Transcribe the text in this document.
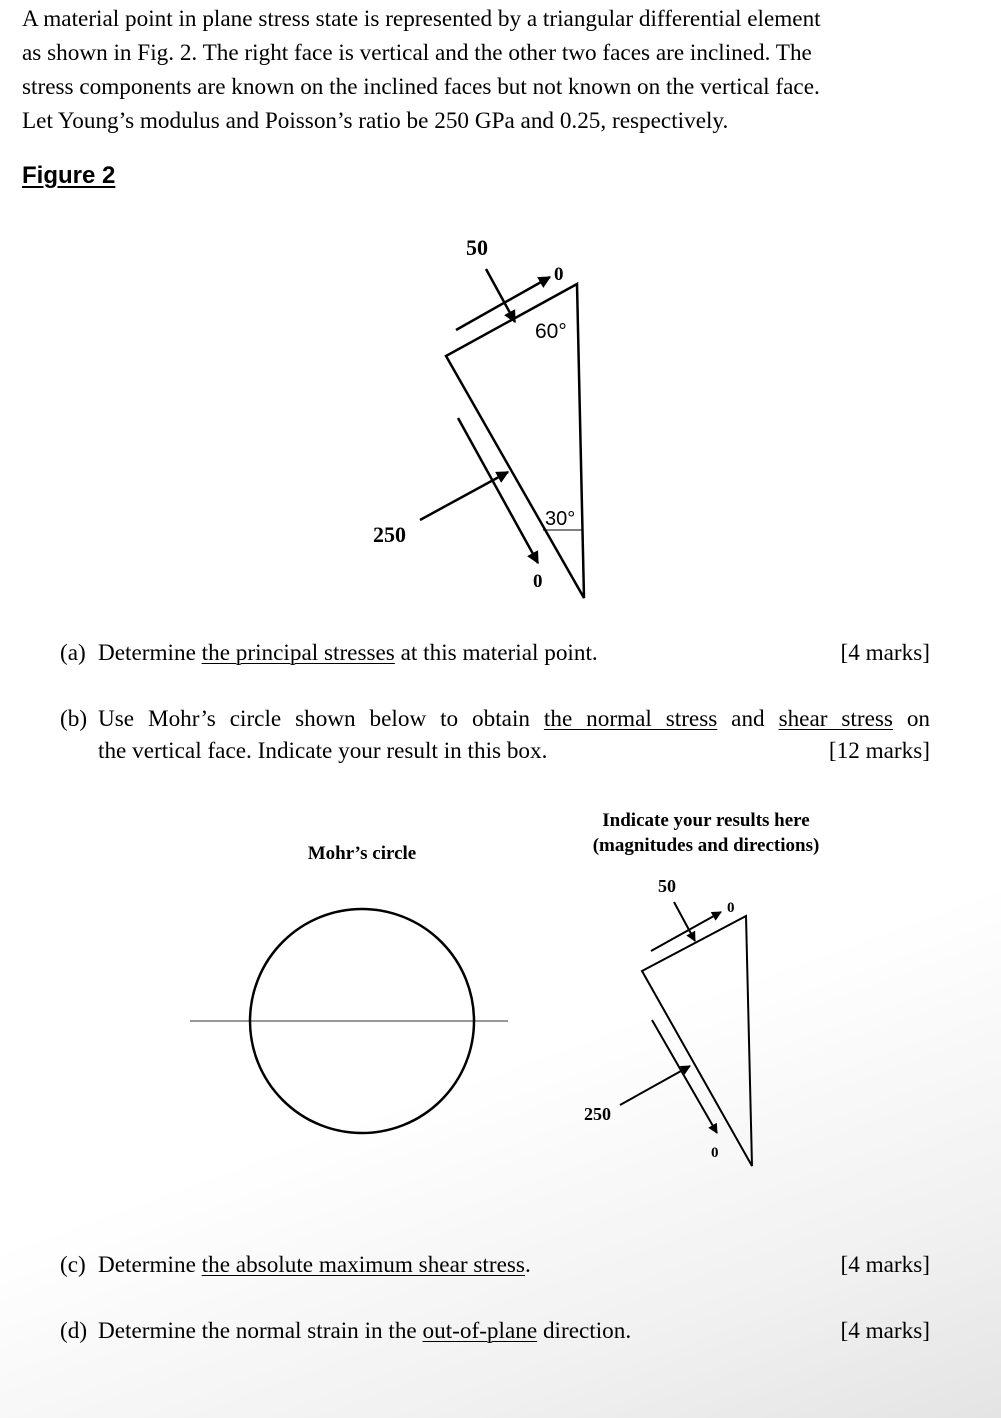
A material point in plane stress state is represented by a triangular differential element
as shown in Fig. 2. The right face is vertical and the other two faces are inclined. The
stress components are known on the inclined faces but not known on the vertical face.
Let Young’s modulus and Poisson’s ratio be 250 GPa and 0.25, respectively.
Figure 2
50
0
60°
30°
250
0
50
0
250
0
Mohr’s circle
Indicate your results here
(magnitudes and directions)
(a) Determine the principal stresses at this material point.	[4 marks]
(b) Use Mohr’s circle shown below to obtain the normal stress and shear stress on
the vertical face. Indicate your result in this box.	[12 marks]
(c) Determine the absolute maximum shear stress.	[4 marks]
(d) Determine the normal strain in the out-of-plane direction.	[4 marks]
